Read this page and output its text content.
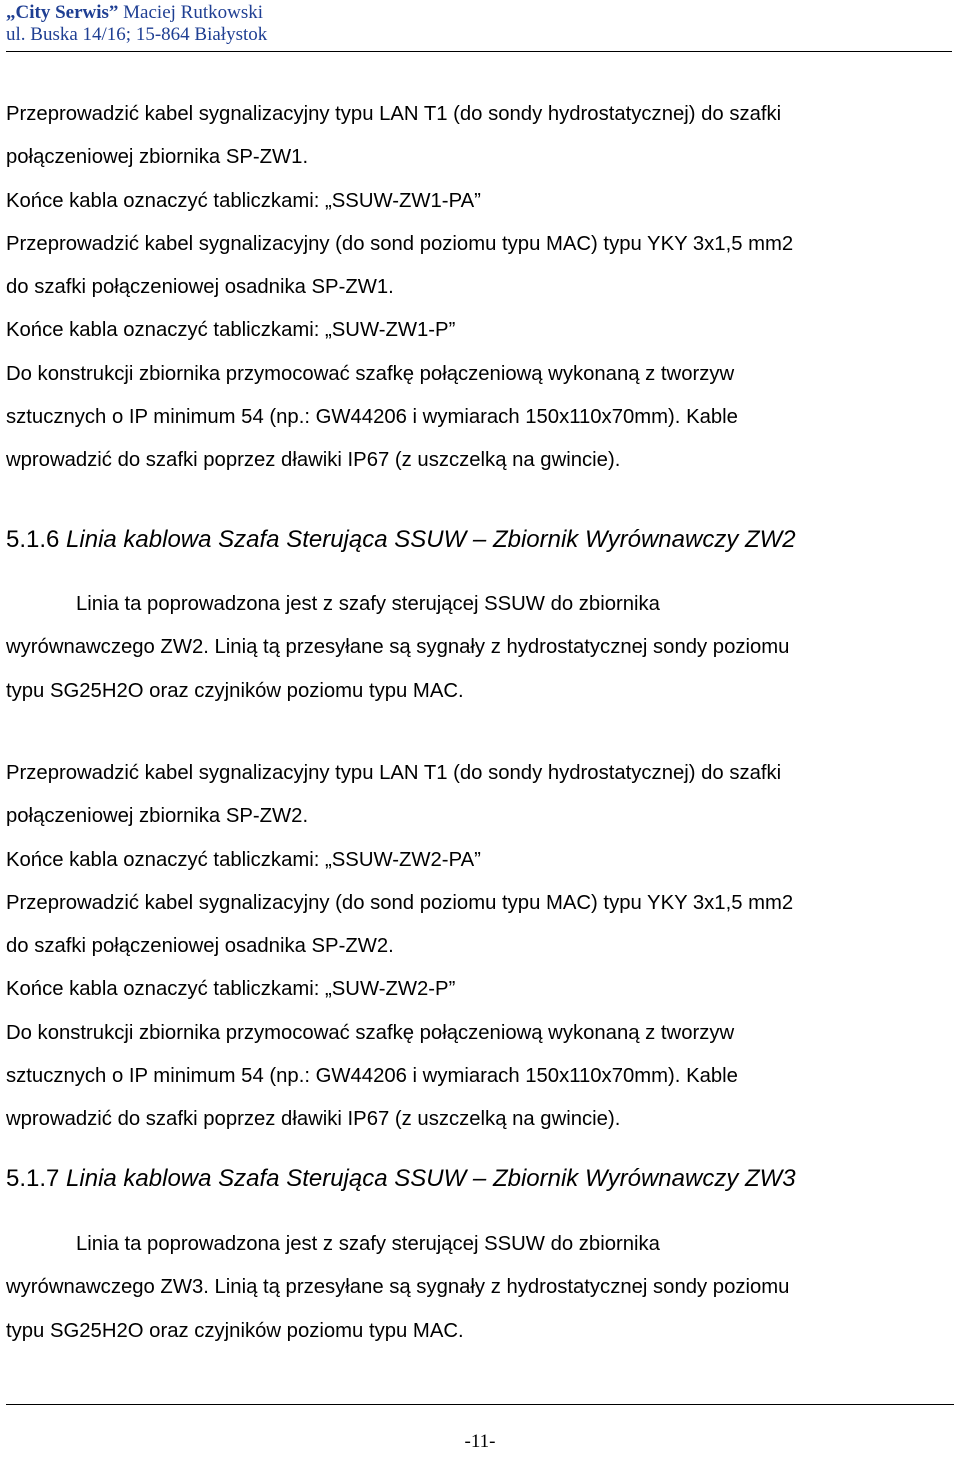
„City Serwis” Maciej Rutkowski
ul. Buska 14/16; 15-864 Białystok

Przeprowadzić kabel sygnalizacyjny typu LAN T1 (do sondy hydrostatycznej) do szafki

połączeniowej zbiornika SP-ZW1.

Końce kabla oznaczyć tabliczkami: „SSUW-ZW1-PA”

Przeprowadzić kabel sygnalizacyjny (do sond poziomu typu MAC) typu YKY 3x1,5 mm2

do szafki połączeniowej osadnika SP-ZW1.

Końce kabla oznaczyć tabliczkami: „SUW-ZW1-P”

Do konstrukcji zbiornika przymocować szafkę połączeniową wykonaną z tworzyw

sztucznych o IP minimum 54 (np.: GW44206 i wymiarach 150x110x70mm). Kable

wprowadzić do szafki poprzez dławiki IP67 (z uszczelką na gwincie).

5.1.6 Linia kablowa Szafa Sterująca SSUW – Zbiornik Wyrównawczy ZW2

Linia ta poprowadzona jest z szafy sterującej SSUW do zbiornika

wyrównawczego ZW2. Linią tą przesyłane są sygnały z hydrostatycznej sondy poziomu

typu SG25H2O oraz czyjników poziomu typu MAC.

Przeprowadzić kabel sygnalizacyjny typu LAN T1 (do sondy hydrostatycznej) do szafki

połączeniowej zbiornika SP-ZW2.

Końce kabla oznaczyć tabliczkami: „SSUW-ZW2-PA”

Przeprowadzić kabel sygnalizacyjny (do sond poziomu typu MAC) typu YKY 3x1,5 mm2

do szafki połączeniowej osadnika SP-ZW2.

Końce kabla oznaczyć tabliczkami: „SUW-ZW2-P”

Do konstrukcji zbiornika przymocować szafkę połączeniową wykonaną z tworzyw

sztucznych o IP minimum 54 (np.: GW44206 i wymiarach 150x110x70mm). Kable

wprowadzić do szafki poprzez dławiki IP67 (z uszczelką na gwincie).

5.1.7 Linia kablowa Szafa Sterująca SSUW – Zbiornik Wyrównawczy ZW3

Linia ta poprowadzona jest z szafy sterującej SSUW do zbiornika

wyrównawczego ZW3. Linią tą przesyłane są sygnały z hydrostatycznej sondy poziomu

typu SG25H2O oraz czyjników poziomu typu MAC.

-11-
